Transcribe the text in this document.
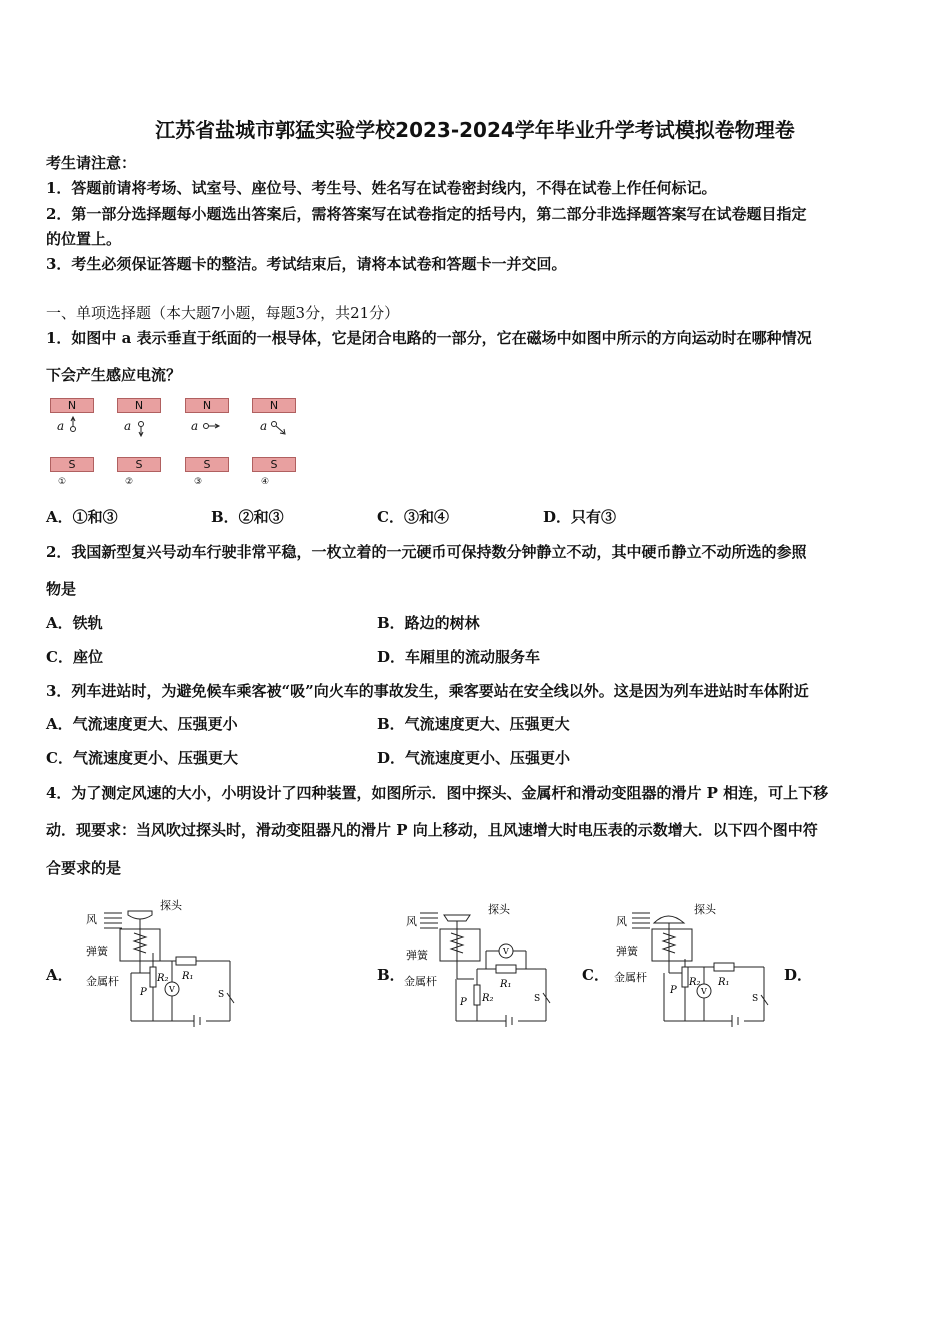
江苏省盐城市郭猛实验学校2023-2024学年毕业升学考试模拟卷物理卷
考生请注意：
1．答题前请将考场、试室号、座位号、考生号、姓名写在试卷密封线内，不得在试卷上作任何标记。
2．第一部分选择题每小题选出答案后，需将答案写在试卷指定的括号内，第二部分非选择题答案写在试卷题目指定
的位置上。
3．考生必须保证答题卡的整洁。考试结束后，请将本试卷和答题卡一并交回。
一、单项选择题（本大题7小题，每题3分，共21分）
1．如图中 a 表示垂直于纸面的一根导体，它是闭合电路的一部分，它在磁场中如图中所示的方向运动时在哪种情况
下会产生感应电流？
N	N	N	N
a	a	a	a
S	S	S	S
①	②	③	④
A．①和③	B．②和③	C．③和④	D．只有③
2．我国新型复兴号动车行驶非常平稳，一枚立着的一元硬币可保持数分钟静立不动，其中硬币静立不动所选的参照
物是
A．铁轨	B．路边的树林
C．座位	D．车厢里的流动服务车
3．列车进站时，为避免候车乘客被“吸”向火车的事故发生，乘客要站在安全线以外。这是因为列车进站时车体附近
A．气流速度更大、压强更小	B．气流速度更大、压强更大
C．气流速度更小、压强更大	D．气流速度更小、压强更小
4．为了测定风速的大小，小明设计了四种装置，如图所示．图中探头、金属杆和滑动变阻器的滑片 P 相连，可上下移
动．现要求：当风吹过探头时，滑动变阻器凡的滑片 P 向上移动，且风速增大时电压表的示数增大．以下四个图中符
合要求的是
A．	B．	C．	D．
风
探头
弹簧
金属杆
P
R₂ R₁
V
S
风
探头
弹簧
金属杆
P R₂
R₁
V
S
风
探头
弹簧
金属杆
P
R₂ R₁
V
S
